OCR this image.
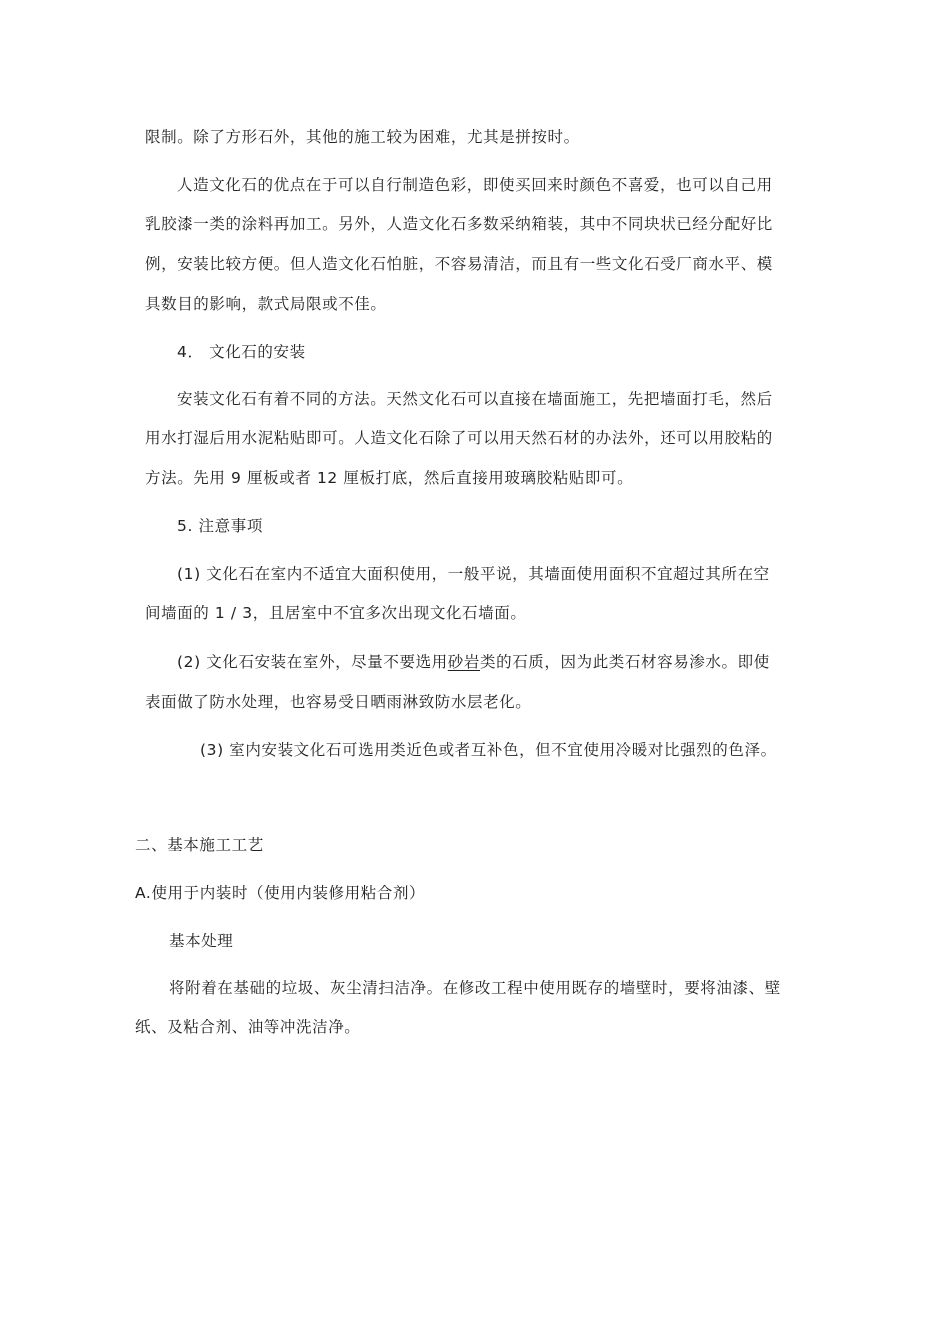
限制。除了方形石外，其他的施工较为困难，尤其是拼按时。
人造文化石的优点在于可以自行制造色彩，即使买回来时颜色不喜爱，也可以自己用
乳胶漆一类的涂料再加工。另外，人造文化石多数采纳箱装，其中不同块状已经分配好比
例，安装比较方便。但人造文化石怕脏，不容易清洁，而且有一些文化石受厂商水平、模
具数目的影响，款式局限或不佳。
4． 文化石的安装
安装文化石有着不同的方法。天然文化石可以直接在墙面施工，先把墙面打毛，然后
用水打湿后用水泥粘贴即可。人造文化石除了可以用天然石材的办法外，还可以用胶粘的
方法。先用 9 厘板或者 12 厘板打底，然后直接用玻璃胶粘贴即可。
5. 注意事项
(1) 文化石在室内不适宜大面积使用，一般平说，其墙面使用面积不宜超过其所在空
间墙面的 1 / 3，且居室中不宜多次出现文化石墙面。
(2) 文化石安装在室外，尽量不要选用砂岩类的石质，因为此类石材容易渗水。即使
表面做了防水处理，也容易受日晒雨淋致防水层老化。
(3) 室内安装文化石可选用类近色或者互补色，但不宜使用冷暖对比强烈的色泽。
二、基本施工工艺
A.使用于内装时（使用内装修用粘合剂）
基本处理
将附着在基础的垃圾、灰尘清扫洁净。在修改工程中使用既存的墙壁时，要将油漆、壁
纸、及粘合剂、油等冲洗洁净。
